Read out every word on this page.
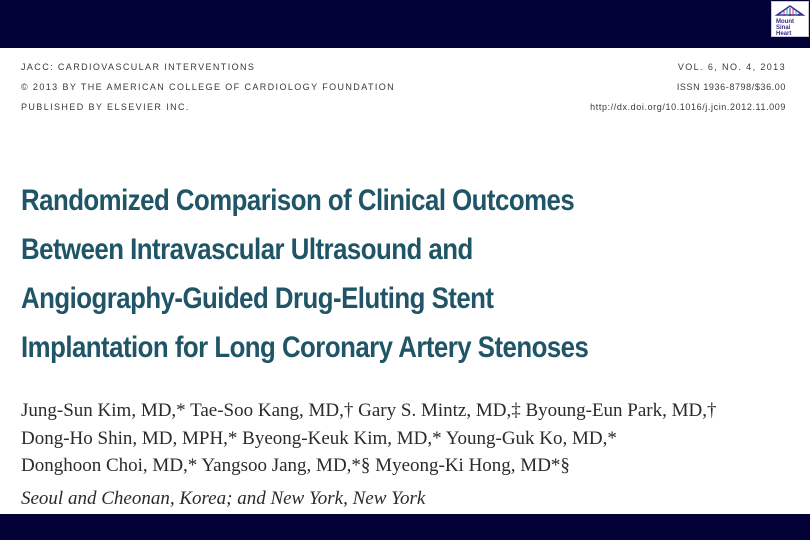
Mount
Sinai
Heart
JACC: CARDIOVASCULAR INTERVENTIONS
© 2013 BY THE AMERICAN COLLEGE OF CARDIOLOGY FOUNDATION
PUBLISHED BY ELSEVIER INC.
VOL. 6, NO. 4, 2013
ISSN 1936-8798/$36.00
http://dx.doi.org/10.1016/j.jcin.2012.11.009
Randomized Comparison of Clinical Outcomes
Between Intravascular Ultrasound and
Angiography-Guided Drug-Eluting Stent
Implantation for Long Coronary Artery Stenoses
Jung-Sun Kim, MD,* Tae-Soo Kang, MD,† Gary S. Mintz, MD,‡ Byoung-Eun Park, MD,†
Dong-Ho Shin, MD, MPH,* Byeong-Keuk Kim, MD,* Young-Guk Ko, MD,*
Donghoon Choi, MD,* Yangsoo Jang, MD,*§ Myeong-Ki Hong, MD*§
Seoul and Cheonan, Korea; and New York, New York
